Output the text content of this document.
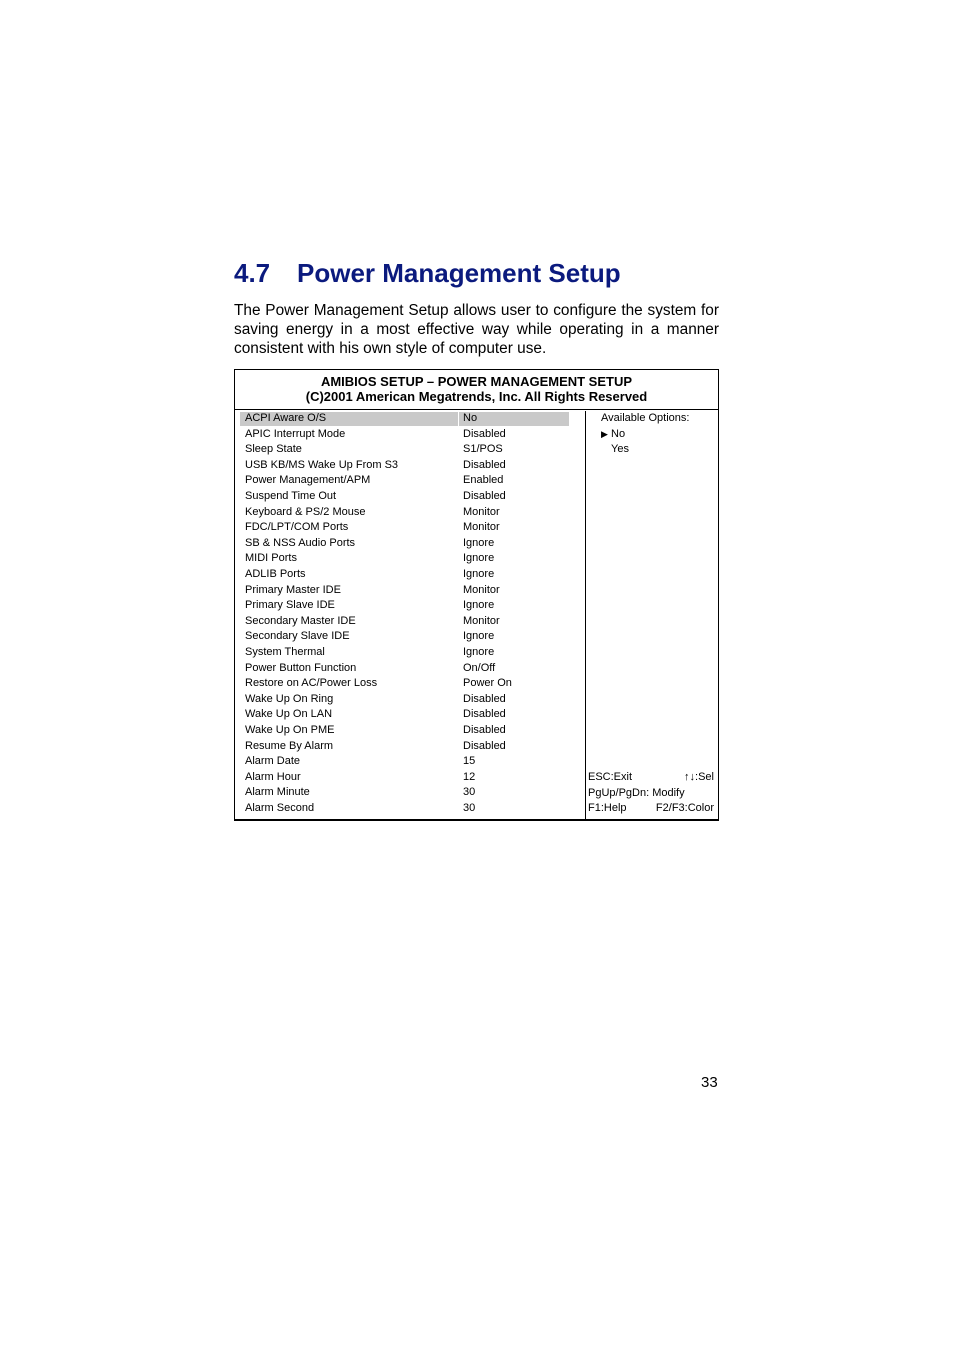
4.7 Power Management Setup

The Power Management Setup allows user to configure the system for saving energy in a most effective way while operating in a manner consistent with his own style of computer use.

AMIBIOS SETUP – POWER MANAGEMENT SETUP
(C)2001 American Megatrends, Inc. All Rights Reserved
ACPI Aware O/S	No
APIC Interrupt Mode	Disabled
Sleep State	S1/POS
USB KB/MS Wake Up From S3	Disabled
Power Management/APM	Enabled
Suspend Time Out	Disabled
Keyboard & PS/2 Mouse	Monitor
FDC/LPT/COM Ports	Monitor
SB & NSS Audio Ports	Ignore
MIDI Ports	Ignore
ADLIB Ports	Ignore
Primary Master IDE	Monitor
Primary Slave IDE	Ignore
Secondary Master IDE	Monitor
Secondary Slave IDE	Ignore
System Thermal	Ignore
Power Button Function	On/Off
Restore on AC/Power Loss	Power On
Wake Up On Ring	Disabled
Wake Up On LAN	Disabled
Wake Up On PME	Disabled
Resume By Alarm	Disabled
Alarm Date	15
Alarm Hour	12
Alarm Minute	30
Alarm Second	30
Available Options:
▶ No
Yes
ESC:Exit	↑↓:Sel
PgUp/PgDn: Modify
F1:Help	F2/F3:Color
33
